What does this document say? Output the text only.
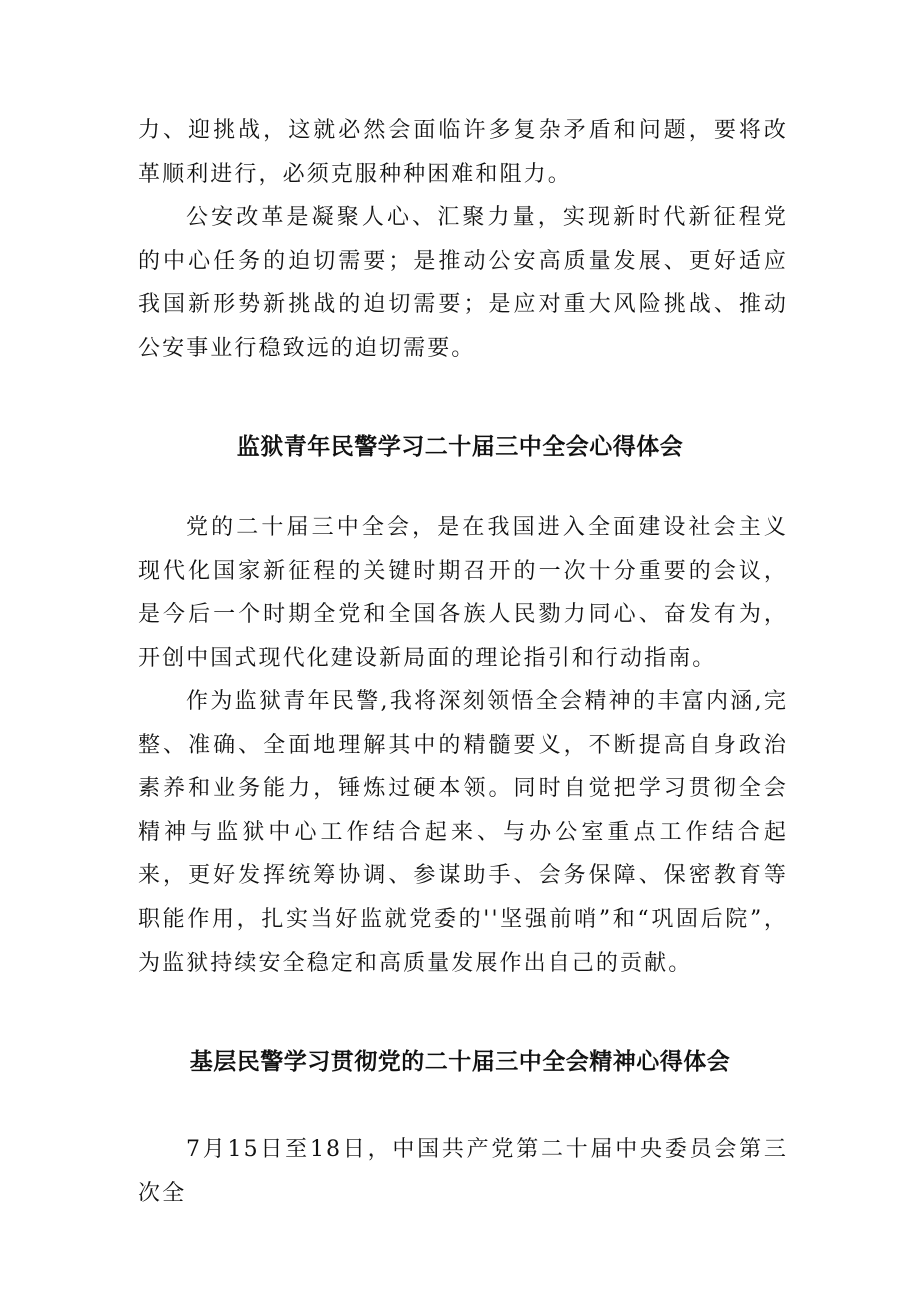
力、迎挑战，这就必然会面临许多复杂矛盾和问题，要将改革顺利进行，必须克服种种困难和阻力。

公安改革是凝聚人心、汇聚力量，实现新时代新征程党的中心任务的迫切需要；是推动公安高质量发展、更好适应我国新形势新挑战的迫切需要；是应对重大风险挑战、推动公安事业行稳致远的迫切需要。

监狱青年民警学习二十届三中全会心得体会

党的二十届三中全会，是在我国进入全面建设社会主义现代化国家新征程的关键时期召开的一次十分重要的会议，是今后一个时期全党和全国各族人民勠力同心、奋发有为，开创中国式现代化建设新局面的理论指引和行动指南。

作为监狱青年民警,我将深刻领悟全会精神的丰富内涵,完整、准确、全面地理解其中的精髓要义，不断提高自身政治素养和业务能力，锤炼过硬本领。同时自觉把学习贯彻全会精神与监狱中心工作结合起来、与办公室重点工作结合起来，更好发挥统筹协调、参谋助手、会务保障、保密教育等职能作用，扎实当好监就党委的''坚强前哨”和“巩固后院”，为监狱持续安全稳定和高质量发展作出自己的贡献。

基层民警学习贯彻党的二十届三中全会精神心得体会

7月15日至18日，中国共产党第二十届中央委员会第三次全
